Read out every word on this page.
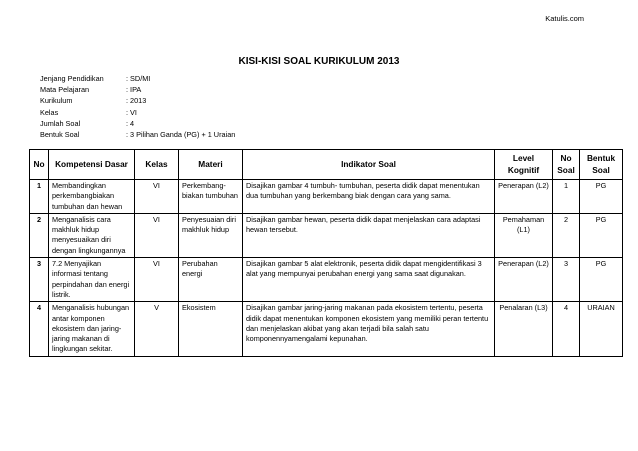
Katulis.com
KISI-KISI SOAL KURIKULUM 2013
Jenjang Pendidikan	: SD/MI
Mata Pelajaran	: IPA
Kurikulum	: 2013
Kelas	: VI
Jumlah Soal	: 4
Bentuk Soal	: 3 Pilihan Ganda (PG) + 1 Uraian
No	Kompetensi Dasar	Kelas	Materi	Indikator Soal	Level Kognitif	No Soal	Bentuk Soal
1	Membandingkan perkembangbiakan tumbuhan dan hewan	VI	Perkembang-biakan tumbuhan	Disajikan gambar 4 tumbuh- tumbuhan, peserta didik dapat menentukan dua tumbuhan yang berkembang biak dengan cara yang sama.	Penerapan (L2)	1	PG
2	Menganalisis cara makhluk hidup menyesuaikan diri dengan lingkungannya	VI	Penyesuaian diri makhluk hidup	Disajikan gambar hewan, peserta didik dapat menjelaskan cara adaptasi hewan tersebut.	Pemahaman (L1)	2	PG
3	7.2 Menyajikan informasi tentang perpindahan dan energi listrik.	VI	Perubahan energi	Disajikan gambar 5 alat elektronik, peserta didik dapat mengidentifikasi 3 alat yang mempunyai perubahan energi yang sama saat digunakan.	Penerapan (L2)	3	PG
4	Menganalisis hubungan antar komponen ekosistem dan jaring-jaring makanan di lingkungan sekitar.	V	Ekosistem	Disajikan gambar jaring-jaring makanan pada ekosistem tertentu, peserta didik dapat menentukan komponen ekosistem yang memiliki peran tertentu dan menjelaskan akibat yang akan terjadi bila salah satu komponennyamengalami kepunahan.	Penalaran (L3)	4	URAIAN
